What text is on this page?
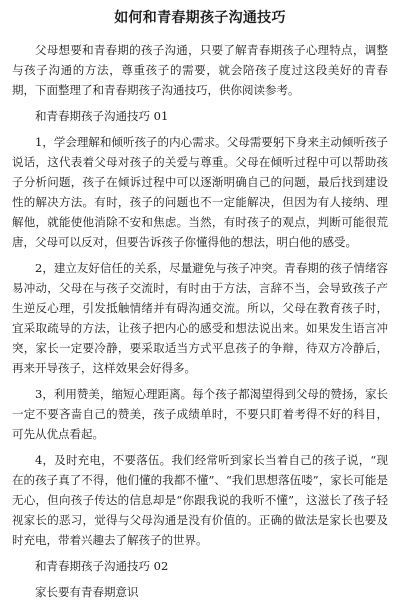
如何和青春期孩子沟通技巧

父母想要和青春期的孩子沟通，只要了解青春期孩子心理特点，调整与孩子沟通的方法，尊重孩子的需要，就会陪孩子度过这段美好的青春期，下面整理了和青春期孩子沟通技巧，供你阅读参考。

和青春期孩子沟通技巧 01

1，学会理解和倾听孩子的内心需求。父母需要躬下身来主动倾听孩子说话，这代表着父母对孩子的关爱与尊重。父母在倾听过程中可以帮助孩子分析问题，孩子在倾诉过程中可以逐渐明确自己的问题，最后找到建设性的解决方法。有时，孩子的问题也不一定能解决，但因为有人接纳、理解他，就能使他消除不安和焦虑。当然，有时孩子的观点，判断可能很荒唐，父母可以反对，但要告诉孩子你懂得他的想法，明白他的感受。

2，建立友好信任的关系，尽量避免与孩子冲突。青春期的孩子情绪容易冲动，父母在与孩子交流时，有时由于方法，言辞不当，会导致孩子产生逆反心理，引发抵触情绪并有碍沟通交流。所以，父母在教育孩子时，宜采取疏导的方法，让孩子把内心的感受和想法说出来。如果发生语言冲突，家长一定要冷静，要采取适当方式平息孩子的争辩，待双方冷静后，再来开导孩子，这样效果会好得多。

3，利用赞美，缩短心理距离。每个孩子都渴望得到父母的赞扬，家长一定不要吝啬自己的赞美，孩子成绩单时，不要只盯着考得不好的科目，可先从优点看起。

4，及时充电，不要落伍。我们经常听到家长当着自己的孩子说，“现在的孩子真了不得，他们懂的我都不懂”、“我们思想落伍喽”，家长可能是无心，但向孩子传达的信息却是“你跟我说的我听不懂”，这滋长了孩子轻视家长的恶习，觉得与父母沟通是没有价值的。正确的做法是家长也要及时充电，带着兴趣去了解孩子的世界。

和青春期孩子沟通技巧 02

家长要有青春期意识
